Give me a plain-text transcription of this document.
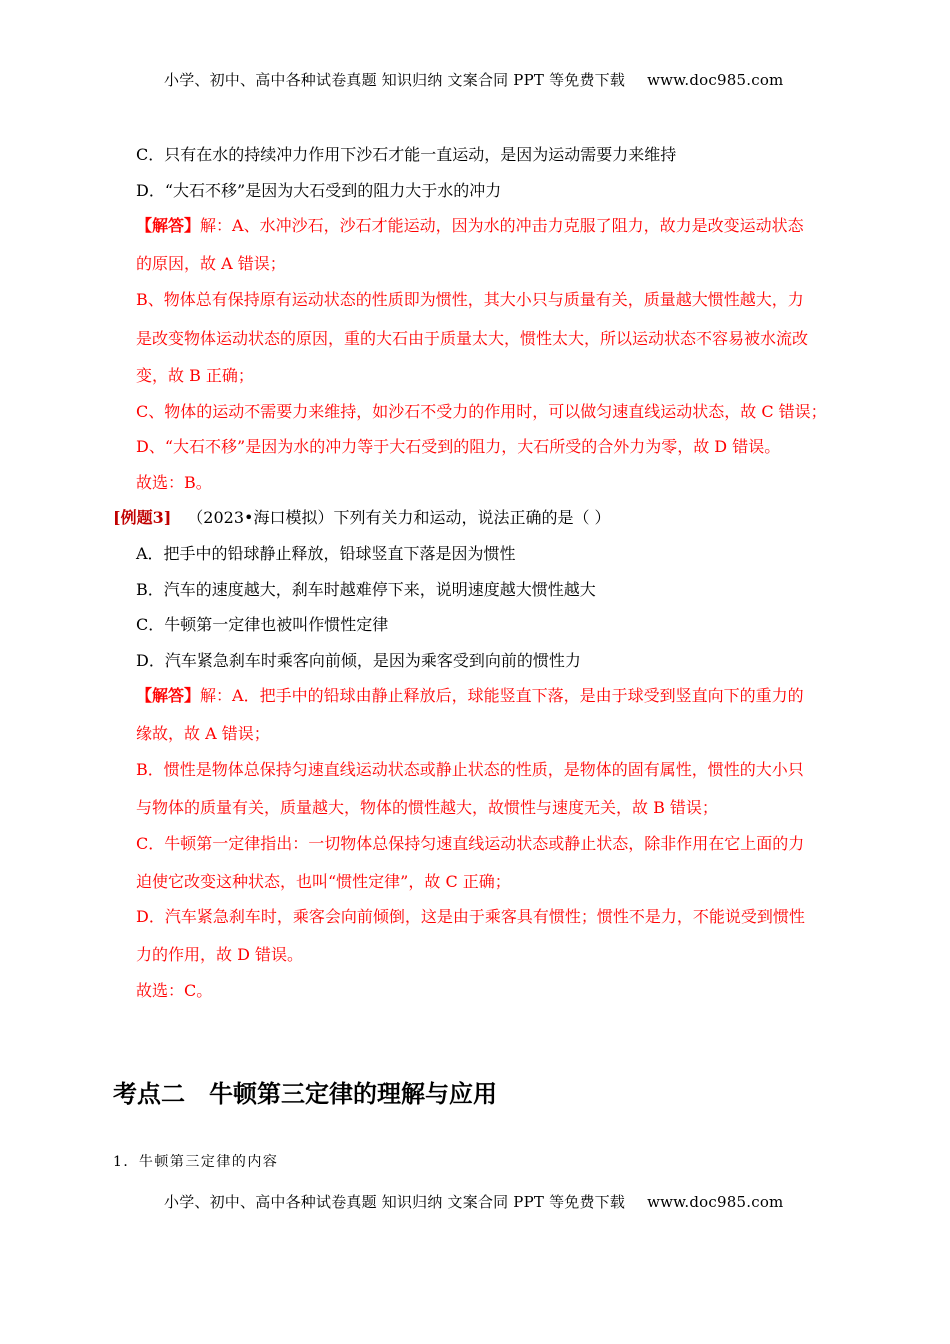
小学、初中、高中各种试卷真题 知识归纳 文案合同 PPT 等免费下载 www.doc985.com
C．只有在水的持续冲力作用下沙石才能一直运动，是因为运动需要力来维持
D．“大石不移”是因为大石受到的阻力大于水的冲力
【解答】解：A、水冲沙石，沙石才能运动，因为水的冲击力克服了阻力，故力是改变运动状态
的原因，故 A 错误；
B、物体总有保持原有运动状态的性质即为惯性，其大小只与质量有关，质量越大惯性越大，力
是改变物体运动状态的原因，重的大石由于质量太大，惯性太大，所以运动状态不容易被水流改
变，故 B 正确；
C、物体的运动不需要力来维持，如沙石不受力的作用时，可以做匀速直线运动状态，故 C 错误；
D、“大石不移”是因为水的冲力等于大石受到的阻力，大石所受的合外力为零，故 D 错误。
故选：B。
[例题3] （2023•海口模拟）下列有关力和运动，说法正确的是（ ）
A．把手中的铅球静止释放，铅球竖直下落是因为惯性
B．汽车的速度越大，刹车时越难停下来，说明速度越大惯性越大
C．牛顿第一定律也被叫作惯性定律
D．汽车紧急刹车时乘客向前倾，是因为乘客受到向前的惯性力
【解答】解：A．把手中的铅球由静止释放后，球能竖直下落，是由于球受到竖直向下的重力的
缘故，故 A 错误；
B．惯性是物体总保持匀速直线运动状态或静止状态的性质，是物体的固有属性，惯性的大小只
与物体的质量有关，质量越大，物体的惯性越大，故惯性与速度无关，故 B 错误；
C．牛顿第一定律指出：一切物体总保持匀速直线运动状态或静止状态，除非作用在它上面的力
迫使它改变这种状态，也叫“惯性定律”，故 C 正确；
D．汽车紧急刹车时，乘客会向前倾倒，这是由于乘客具有惯性；惯性不是力，不能说受到惯性
力的作用，故 D 错误。
故选：C。
考点二 牛顿第三定律的理解与应用
1．牛顿第三定律的内容
小学、初中、高中各种试卷真题 知识归纳 文案合同 PPT 等免费下载 www.doc985.com
